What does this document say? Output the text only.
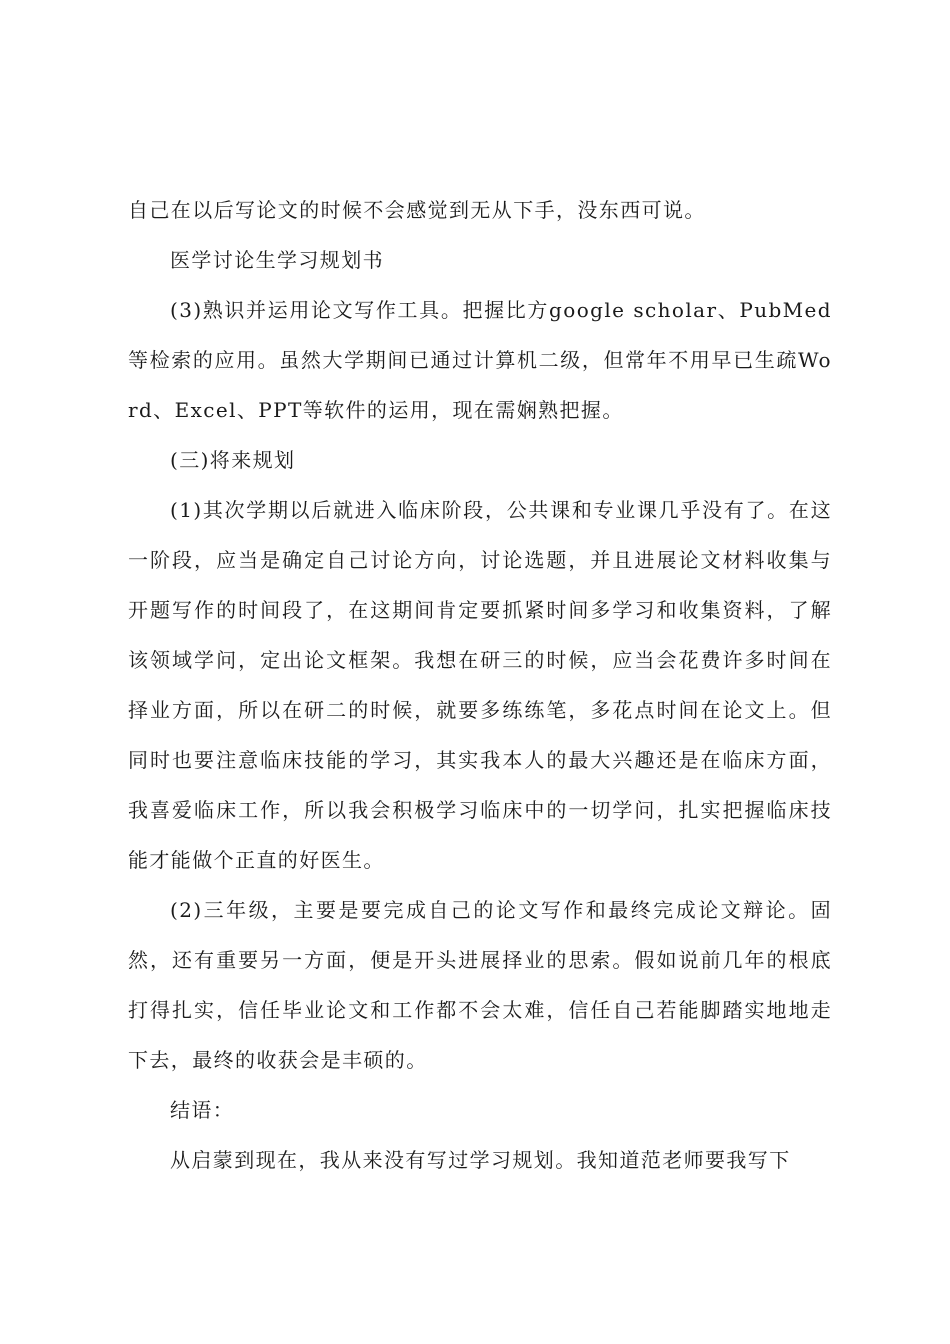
自己在以后写论文的时候不会感觉到无从下手，没东西可说。

医学讨论生学习规划书

(3)熟识并运用论文写作工具。把握比方google scholar、PubMed等检索的应用。虽然大学期间已通过计算机二级，但常年不用早已生疏Word、Excel、PPT等软件的运用，现在需娴熟把握。

(三)将来规划

(1)其次学期以后就进入临床阶段，公共课和专业课几乎没有了。在这一阶段，应当是确定自己讨论方向，讨论选题，并且进展论文材料收集与开题写作的时间段了，在这期间肯定要抓紧时间多学习和收集资料，了解该领域学问，定出论文框架。我想在研三的时候，应当会花费许多时间在择业方面，所以在研二的时候，就要多练练笔，多花点时间在论文上。但同时也要注意临床技能的学习，其实我本人的最大兴趣还是在临床方面，我喜爱临床工作，所以我会积极学习临床中的一切学问，扎实把握临床技能才能做个正直的好医生。

(2)三年级，主要是要完成自己的论文写作和最终完成论文辩论。固然，还有重要另一方面，便是开头进展择业的思索。假如说前几年的根底打得扎实，信任毕业论文和工作都不会太难，信任自己若能脚踏实地地走下去，最终的收获会是丰硕的。

结语：

从启蒙到现在，我从来没有写过学习规划。我知道范老师要我写下
